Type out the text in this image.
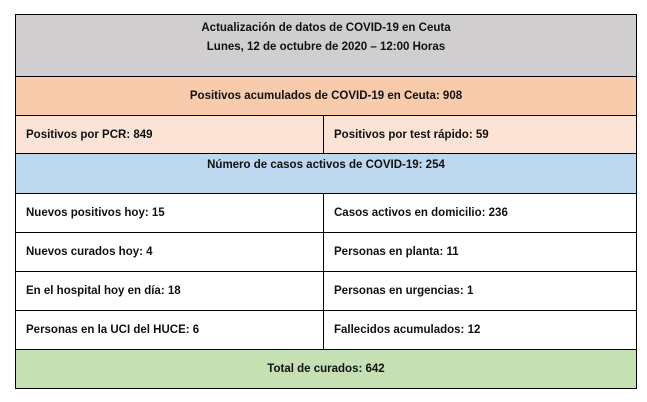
Actualización de datos de COVID-19 en Ceuta
Lunes, 12 de octubre de 2020 – 12:00 Horas
Positivos acumulados de COVID-19 en Ceuta: 908
Positivos por PCR: 849	Positivos por test rápido: 59
Número de casos activos de COVID-19: 254
Nuevos positivos hoy: 15	Casos activos en domicilio: 236
Nuevos curados hoy: 4	Personas en planta: 11
En el hospital hoy en día: 18	Personas en urgencias: 1
Personas en la UCI del HUCE: 6	Fallecidos acumulados: 12
Total de curados: 642
